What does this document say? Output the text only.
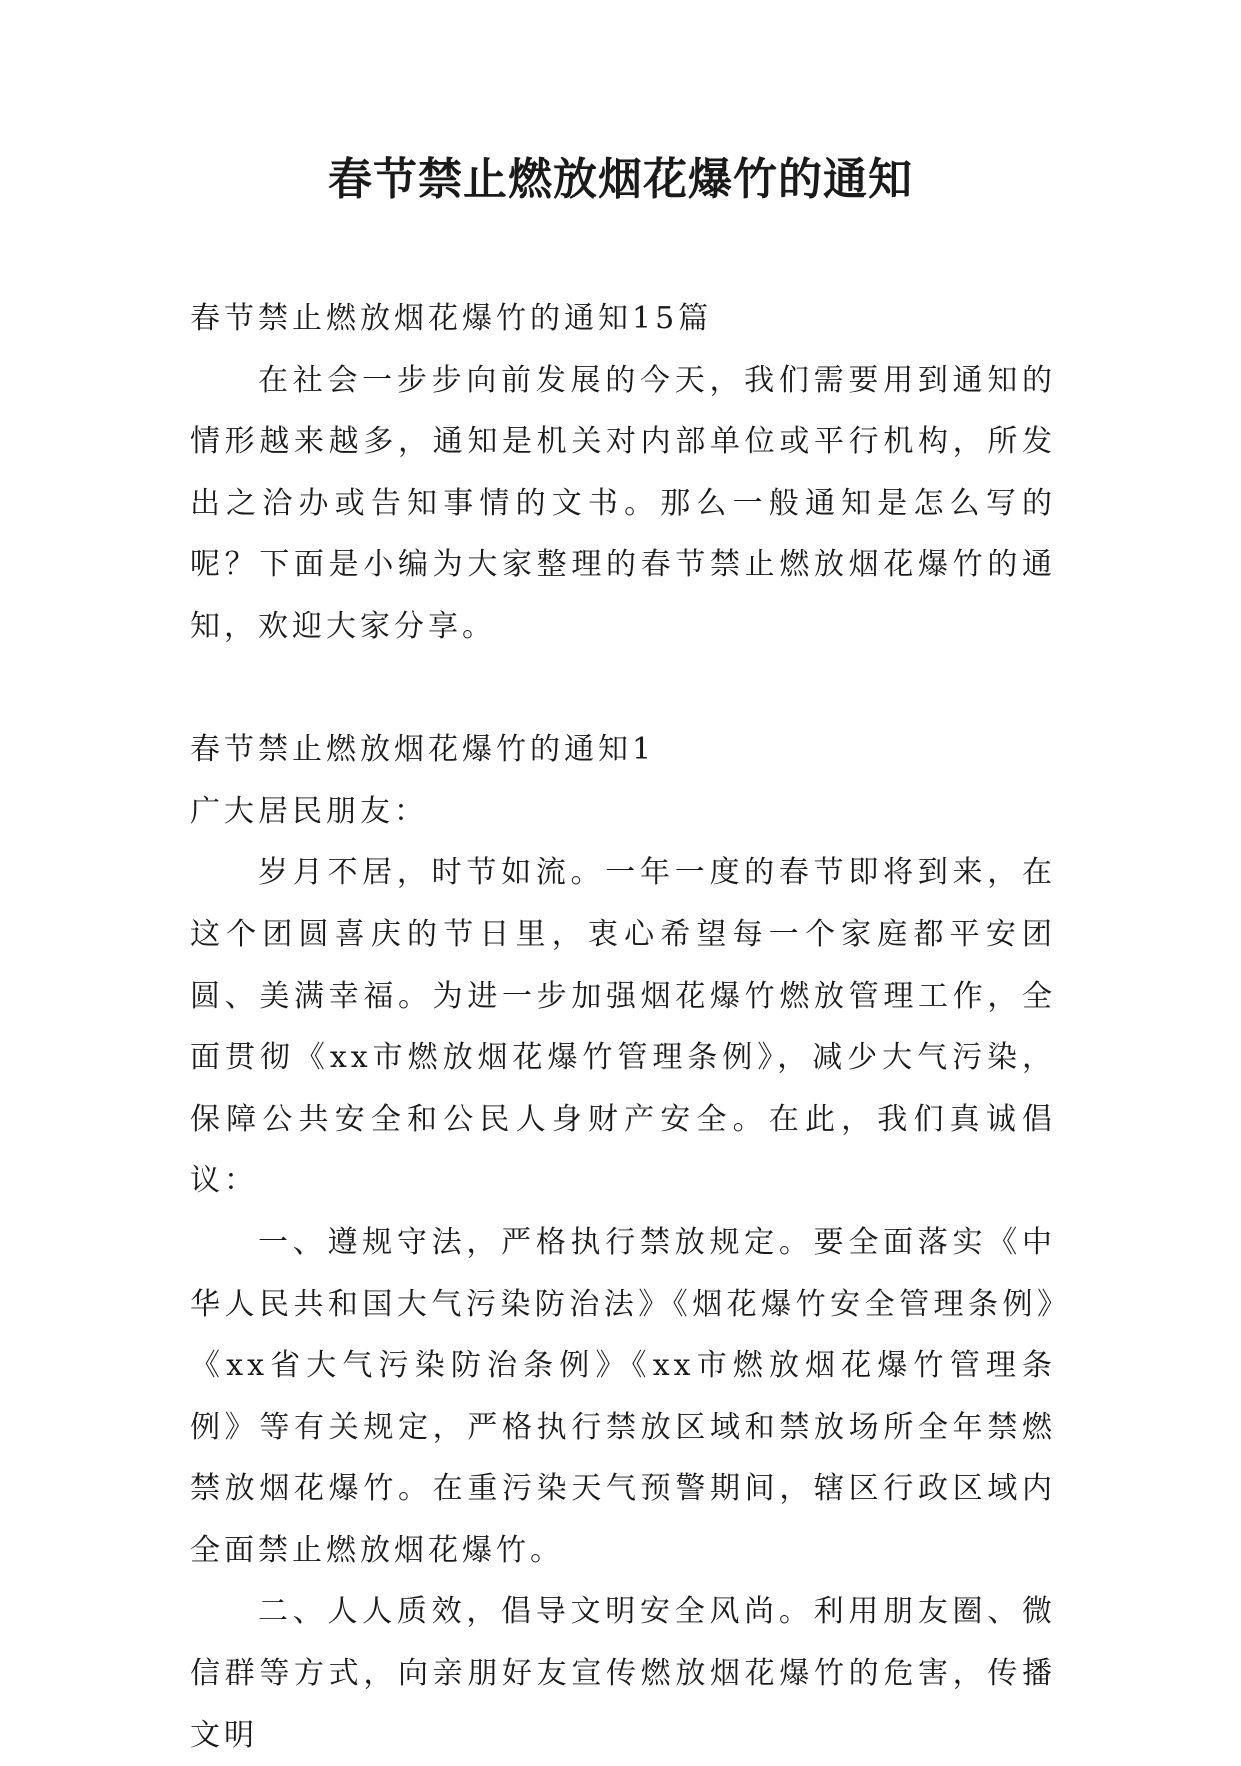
春节禁止燃放烟花爆竹的通知

春节禁止燃放烟花爆竹的通知15篇

在社会一步步向前发展的今天，我们需要用到通知的情形越来越多，通知是机关对内部单位或平行机构，所发出之洽办或告知事情的文书。那么一般通知是怎么写的呢？下面是小编为大家整理的春节禁止燃放烟花爆竹的通知，欢迎大家分享。

春节禁止燃放烟花爆竹的通知1

广大居民朋友：

岁月不居，时节如流。一年一度的春节即将到来，在这个团圆喜庆的节日里，衷心希望每一个家庭都平安团圆、美满幸福。为进一步加强烟花爆竹燃放管理工作，全面贯彻《xx市燃放烟花爆竹管理条例》，减少大气污染，保障公共安全和公民人身财产安全。在此，我们真诚倡议：

一、遵规守法，严格执行禁放规定。要全面落实《中华人民共和国大气污染防治法》《烟花爆竹安全管理条例》《xx省大气污染防治条例》《xx市燃放烟花爆竹管理条例》等有关规定，严格执行禁放区域和禁放场所全年禁燃禁放烟花爆竹。在重污染天气预警期间，辖区行政区域内全面禁止燃放烟花爆竹。

二、人人质效，倡导文明安全风尚。利用朋友圈、微信群等方式，向亲朋好友宣传燃放烟花爆竹的危害，传播文明
